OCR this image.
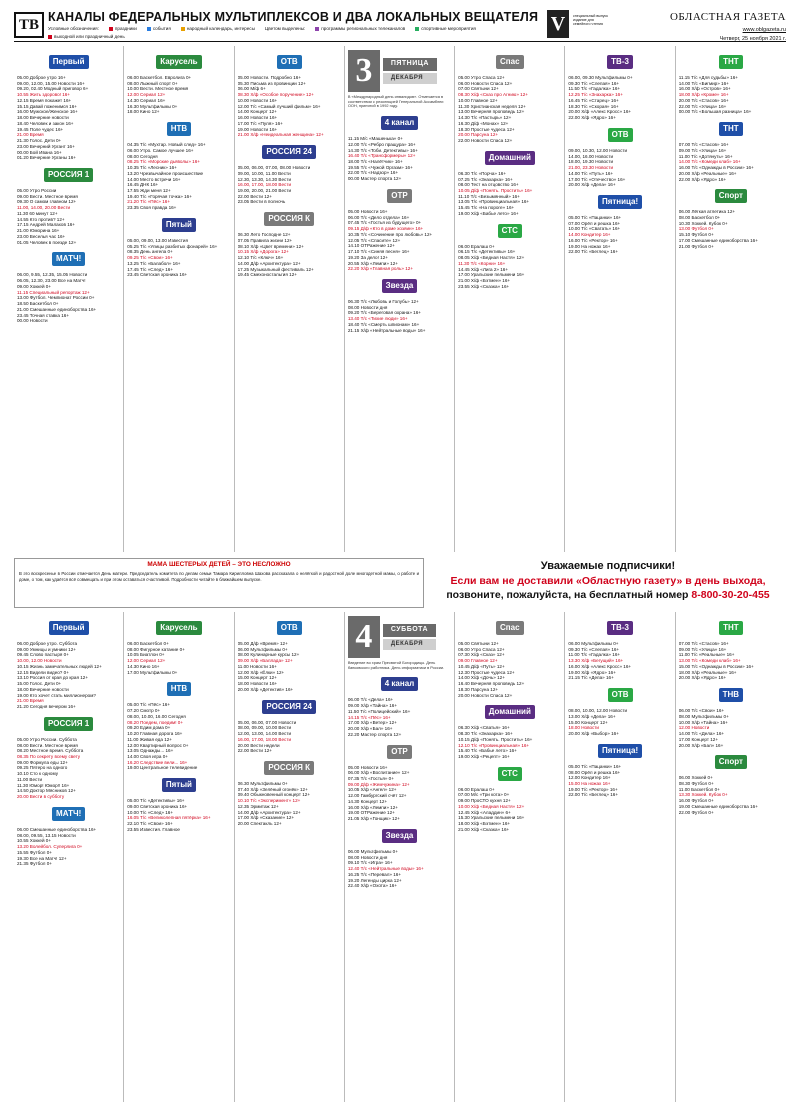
ТВ КАНАЛЫ ФЕДЕРАЛЬНЫХ МУЛЬТИПЛЕКСОВ И ДВА ЛОКАЛЬНЫХ ВЕЩАТЕЛЯ
Условные обозначения:	праздники	события	народный календарь, интересы Цветом выделены:	программы региональных телеканалов	спортивные мероприятия
выходной или праздничный день
V	специальный выпуск издание для семейного чтения
ОБЛАСТНАЯ ГАЗЕТА
www.oblgazeta.ru
Четверг, 25 ноября 2021 г.
Первый
05.00 Доброе утро 16+
09.00, 12.00, 15.00 Новости 16+
09.20, 02.40 Модный приговор 6+
10.55 Жить здорово! 16+
12.15 Время покажет 16+
15.15 Давай поженимся 16+
16.00 Мужское/Женское 16+
18.00 Вечерние новости
18.40 Человек и закон 16+
19.45 Поле чудес 16+
21.00 Время
21.30 Голос. Дети 0+
23.00 Вечерний Ургант 16+
00.00 Бой Ивана 16+
01.20 Вечерние Урганы 16+
РОССИЯ 1
05.00 Утро России
09.00 Вести. Местное время
09.30 О самом главном 12+
11.00, 14.00, 20.00 Вести
11.30 60 минут 12+
14.55 Кто против? 12+
17.15 Андрей Малахов 16+
21.00 Юморина 16+
23.00 Веселья час 16+
01.05 Человек в поезде 12+
МАТЧ!
06.00, 9.55, 12.35, 15.05 Новости
06.05, 12.30, 23.00 Все на Матч!
09.00 Хоккей 0+
11.15 Специальный репортаж 12+
13.00 Футбол. Чемпионат России 0+
18.50 Баскетбол 0+
21.00 Смешанные единоборства 16+
23.45 Точная ставка 16+
00.00 Новости
Карусель
06.00 Баскетбол. Евролига 0+
08.00 Лыжный спорт 0+
10.00 Вести. Местное время
12.00 Сериал 12+
14.30 Сериал 16+
16.30 Мультфильмы 0+
18.00 Кино 12+
НТВ
04.35 Т/с «Мухтар. Новый след» 16+
06.00 Утро. Самое лучшее 16+
08.00 Сегодня
08.25 Т/с «Морские дьяволы» 16+
10.35 Т/с «Лесник» 16+
13.20 Чрезвычайное происшествие
14.00 Место встречи 16+
16.45 ДНК 16+
17.55 Жди меня 12+
19.40 Т/с «Горячая точка» 16+
21.20 Т/с «Пёс» 16+
23.35 Своя правда 16+
Пятый
05.00, 09.00, 13.00 Известия
05.25 Т/с «Улицы разбитых фонарей» 16+
08.35 День ангела 0+
09.25 Т/с «Свои» 16+
13.25 Т/с «Балабол» 16+
17.45 Т/с «След» 16+
23.45 Светская хроника 16+
ОТВ
05.00 Новости. Подробно 16+
05.30 Письма из провинции 12+
06.00 М/ф 6+
08.30 Х/ф «Особое поручение» 12+
10.00 Новости 16+
12.00 Т/с «Самый лучший фильм» 16+
14.00 Концерт 12+
16.00 Новости 16+
17.00 Т/с «Пуля» 16+
19.00 Новости 16+
21.00 Х/ф «Неидеальная женщина» 12+
РОССИЯ 24
05.00, 06.00, 07.00, 08.00 Новости
09.00, 10.00, 11.00 Вести
12.30, 13.30, 14.30 Вести
16.00, 17.00, 18.00 Вести
19.00, 20.00, 21.00 Вести
22.00 Вести 12+
23.05 Вести в полночь
РОССИЯ К
06.30 Лето Господне 12+
07.05 Правила жизни 12+
08.10 Х/ф «Цвет времени» 12+
10.15 Х/ф «Дорога» 12+
12.10 Т/с «Ключ» 16+
14.00 Д/ф «Архитектура» 12+
17.25 Музыкальный фестиваль 12+
19.45 Смехоностальгия 12+
3	ПЯТНИЦА
ДЕКАБРЯ
В «Международный день инвалидов». Отмечается в соответствии с резолюцией Генеральной Ассамблеи ООН, принятой в 1992 году.
4 канал
11.15 М/с «Машенька» 0+
12.00 Т/с «Ребро пращура» 16+
14.30 Т/с «Тоби. Детективы» 16+
16.40 Т/с «Трансформеры» 12+
18.00 Т/с «Налётчик» 16+
19.55 Т/с «Чужой Оргазм» 16+
22.00 Т/с «Надзор» 16+
00.00 Мастер спорта 12+
ОТР
05.00 Новости 16+
06.00 Т/с «Дело отдела» 16+
07.45 Т/с «Гостья из будущего» 0+
09.15 Д/ф «Кто в доме хозяин» 16+
10.35 Т/с «Сочинение про любовь» 12+
12.05 Т/с «Спасите» 12+
14.10 ОТРажение 12+
17.10 Т/с «Синяя песня» 16+
19.20 За дело! 12+
20.55 Х/ф «Лемпи» 12+
22.20 Х/ф «Главная роль» 12+
Звезда
06.30 Т/с «Любовь и Голубь» 12+
08.00 Новости дня
09.20 Т/с «Береговая охрана» 16+
13.40 Т/с «Тихие люди» 16+
18.40 Т/с «Смерть шпионам» 16+
21.15 Х/ф «Нейтральные воды» 16+
Спас
05.00 Утро Спаса 12+
06.00 Новости Спаса 12+
07.00 Святыни 12+
08.30 Х/ф «Сказ про Агнию» 12+
10.00 Главное 12+
11.30 Христианская неделя 12+
13.00 Вечерняя проповедь 12+
14.30 Т/с «Пастырь» 12+
16.30 Д/ф «Монах» 12+
18.30 Простые чудеса 12+
20.00 Парсуна 12+
22.00 Новости Спаса 12+
Домашний
06.30 Т/с «Порча» 16+
07.25 Т/с «Знахарка» 16+
08.00 Тест на отцовство 16+
10.05 Д/ф «Понять. Простить» 16+
11.10 Т/с «Безымянный» 16+
13.05 Т/с «Провинциальная» 16+
15.45 Т/с «На пороге» 16+
19.00 Х/ф «Бабье лето» 16+
СТС
06.00 Ералаш 0+
06.15 Т/с «Детективы» 16+
08.05 Х/ф «Бедная Настя» 12+
11.30 Т/с «Корни» 16+
14.45 Х/ф «Лига 2» 16+
17.00 Уральские пельмени 16+
21.00 Х/ф «Бэтмен» 16+
23.55 Х/ф «Сказка» 16+
ТВ-3
06.00, 09.30 Мультфильмы 0+
09.30 Т/с «Слепая» 16+
11.50 Т/с «Гадалка» 16+
12.25 Т/с «Знахарка» 16+
16.45 Т/с «Старец» 16+
18.30 Т/с «Скорая» 16+
20.00 Х/ф «Алекс Кросс» 16+
22.00 Х/ф «Ядро» 16+
ОТВ
09.00, 10.30, 12.00 Новости
14.00, 16.00 Новости
18.00, 19.30 Новости
21.00, 23.30 Новости
14.00 Т/с «Путь» 16+
17.00 Т/с «Отечество» 16+
20.00 Х/ф «Дела» 16+
Пятница!
05.00 Т/с «Пацанки» 16+
07.00 Орёл и решка 16+
10.00 Т/с «Сватать» 16+
14.00 Кондитер 16+
16.00 Т/с «Ректор» 16+
19.00 На ножах 16+
22.00 Т/с «Беглец» 16+
ТНТ
11.15 Т/с «Для судьбы» 16+
14.00 Т/с «Бигмир» 16+
16.00 Х/ф «Остров» 16+
18.00 Х/ф «Кроме» 16+
20.00 Т/с «Стасов» 16+
22.00 Т/с «Улица» 16+
00.00 Т/с «Большая разница» 16+
ТНТ
07.00 Т/с «Стасов» 16+
09.00 Т/с «Улица» 16+
11.00 Т/с «Дотянуть» 16+
14.00 Т/с «Комеди клаб» 16+
16.00 Т/с «Однажды в России» 16+
20.00 Х/ф «Реальные» 16+
22.00 Х/ф «Ядро» 16+
Спорт
06.00 Лёгкая атлетика 12+
08.00 Баскетбол 0+
10.30 Хоккей. Кубок 0+
13.00 Футбол 0+
15.10 Футбол 0+
17.00 Смешанные единоборства 16+
21.00 Футбол 0+
МАМА ШЕСТЕРЫХ ДЕТЕЙ – ЭТО НЕСЛОЖНО

В это воскресенье в России отмечается День матери. Председатель комитета по делам семьи Тамара Кирилловна Шахова рассказала о нелёгкой и радостной доле многодетной мамы, о работе и доме, о том, как удаётся всё совмещать и при этом оставаться счастливой. Подробности читайте в ближайшем выпуске.

Уважаемые подписчики!
Если вам не доставили «Областную газету» в день выхода,
позвоните, пожалуйста, на бесплатный номер 8-800-30-20-455
Первый
06.00 Доброе утро. Суббота
09.00 Умницы и умники 12+
09.45 Слово пастыря 0+
10.00, 12.00 Новости
10.15 Жизнь замечательных людей 12+
12.15 Видели видео? 0+
13.10 Россия от края до края 12+
15.00 Голос. Дети 0+
18.00 Вечерние новости
19.00 Кто хочет стать миллионером?
21.00 Время
21.20 Сегодня вечером 16+
РОССИЯ 1
05.00 Утро России. Суббота
08.00 Вести. Местное время
08.20 Местное время. Суббота
08.35 По секрету всему свету
09.00 Формула еды 12+
09.25 Пятеро на одного
10.10 Сто к одному
11.00 Вести
11.30 Юмор! Юмор!! 16+
14.50 Доктор Мясников 12+
20.00 Вести в субботу
МАТЧ!
06.00 Смешанные единоборства 16+
08.00, 09.55, 13.15 Новости
10.55 Хоккей 0+
13.20 Волейбол. Суперлига 0+
15.55 Футбол 0+
19.30 Все на Матч! 12+
21.35 Футбол 0+
Карусель
06.00 Баскетбол 0+
08.00 Фигурное катание 0+
10.05 Биатлон 0+
12.00 Сериал 12+
14.30 Кино 16+
17.00 Мультфильмы 0+
НТВ
05.00 Т/с «Пёс» 16+
07.20 Смотр 0+
08.00, 10.00, 16.00 Сегодня
08.20 Поедем, поедим! 0+
09.20 Едим дома 0+
10.20 Главная дорога 16+
11.00 Живая еда 12+
12.00 Квартирный вопрос 0+
13.05 Однажды... 16+
14.00 Своя игра 0+
16.20 Следствие вели... 16+
19.00 Центральное телевидение
Пятый
05.00 Т/с «Детективы» 16+
09.00 Светская хроника 16+
10.00 Т/с «След» 16+
16.05 Т/с «Великолепная пятёрка» 16+
22.10 Т/с «Свои» 16+
23.55 Известия. Главное
ОТВ
05.00 Д/ф «Время» 12+
06.00 Мультфильмы 0+
08.00 Кулинарные курсы 12+
09.00 Х/ф «Баллада» 12+
11.00 Новости 16+
12.00 Х/ф «Ёлки» 12+
15.00 Концерт 12+
18.00 Новости 16+
20.00 Х/ф «Детектив» 16+
РОССИЯ 24
05.00, 06.00, 07.00 Новости
08.00, 09.00, 10.00 Вести
12.00, 13.00, 14.00 Вести
16.00, 17.00, 18.00 Вести
20.00 Вести недели
22.00 Вести 12+
РОССИЯ К
06.30 Мультфильмы 0+
07.40 Х/ф «Зелёный огонёк» 12+
09.40 Обыкновенный концерт 12+
10.10 Т/с «Эксперимент» 12+
12.35 Эрмитаж 12+
14.00 Д/ф «Архитектура» 12+
17.00 Х/ф «Сказание» 12+
20.00 Спектакль 12+
4	СУББОТА
ДЕКАБРЯ
Введение во храм Пресвятой Богородицы. День банковского работника. День информатики в России.
4 канал
06.00 Т/с «Дела» 16+
09.00 Х/ф «Тайна» 16+
11.50 Т/с «Полицейский» 16+
14.15 Т/с «Пёс» 16+
17.00 Х/ф «Ветер» 12+
20.00 Х/ф «Бал» 16+
22.20 Мастер спорта 12+
ОТР
05.00 Новости 16+
06.00 Х/ф «Воспитание» 12+
07.35 Т/с «Гостья» 0+
09.00 Д/ф «Жемчужина» 12+
10.05 Х/ф «Ангел» 12+
12.00 Гамбургский счёт 12+
14.30 Концерт 12+
16.00 Х/ф «Лемпи» 12+
19.00 ОТРажение 12+
21.05 Х/ф «Гонщик» 12+
Звезда
06.00 Мультфильмы 0+
08.00 Новости дня
09.10 Т/с «Игра» 16+
12.40 Т/с «Нейтральные воды» 16+
16.25 Т/с «Перевал» 16+
19.20 Легенды цирка 12+
22.40 Х/ф «Охота» 16+
Спас
05.00 Святыни 12+
06.00 Утро Спаса 12+
07.30 Х/ф «Сказ» 12+
09.00 Главное 12+
10.45 Д/ф «Путь» 12+
12.30 Простые чудеса 12+
14.00 Х/ф «Дочь» 12+
16.40 Вечерняя проповедь 12+
18.30 Парсуна 12+
20.00 Новости Спаса 12+
Домашний
06.30 Х/ф «Сватья» 16+
08.30 Т/с «Знахарка» 16+
10.15 Д/ф «Понять. Простить» 16+
12.10 Т/с «Провинциальная» 16+
15.40 Т/с «Бабье лето» 16+
19.00 Х/ф «Рецепт» 16+
СТС
06.00 Ералаш 0+
07.00 М/с «Три кота» 0+
09.00 ПроСТО кухня 12+
10.00 Х/ф «Бедная Настя» 12+
12.45 Х/ф «Аладдин» 6+
15.30 Уральские пельмени 16+
18.00 Х/ф «Бэтмен» 16+
21.00 Х/ф «Сказка» 16+
ТВ-3
06.00 Мультфильмы 0+
09.30 Т/с «Слепая» 16+
11.00 Т/с «Гадалка» 16+
13.30 Х/ф «Бегущий» 16+
16.00 Х/ф «Алекс Кросс» 16+
19.00 Х/ф «Ядро» 16+
21.15 Т/с «Дела» 16+
ОТВ
08.00, 10.00, 12.00 Новости
13.00 Х/ф «Дела» 16+
15.00 Концерт 12+
18.00 Новости
20.00 Х/ф «Выбор» 16+
Пятница!
05.00 Т/с «Пацанки» 16+
08.00 Орёл и решка 16+
12.00 Кондитер 16+
15.00 На ножах 16+
19.00 Т/с «Ректор» 16+
22.00 Т/с «Беглец» 16+
ТНТ
07.00 Т/с «Стасов» 16+
09.00 Т/с «Улица» 16+
11.00 Т/с «Реальные» 16+
13.00 Т/с «Комеди клаб» 16+
15.00 Т/с «Однажды в России» 16+
18.00 Х/ф «Реальные» 16+
20.00 Х/ф «Ядро» 16+
ТНВ
06.00 Т/с «Свои» 16+
08.00 Мультфильмы 0+
10.00 Х/ф «Тайна» 16+
12.00 Новости
14.00 Т/с «Дела» 16+
17.00 Концерт 12+
20.00 Х/ф «Бал» 16+
Спорт
06.00 Хоккей 0+
08.30 Футбол 0+
11.00 Баскетбол 0+
13.30 Хоккей. Кубок 0+
16.00 Футбол 0+
19.00 Смешанные единоборства 16+
22.00 Футбол 0+
